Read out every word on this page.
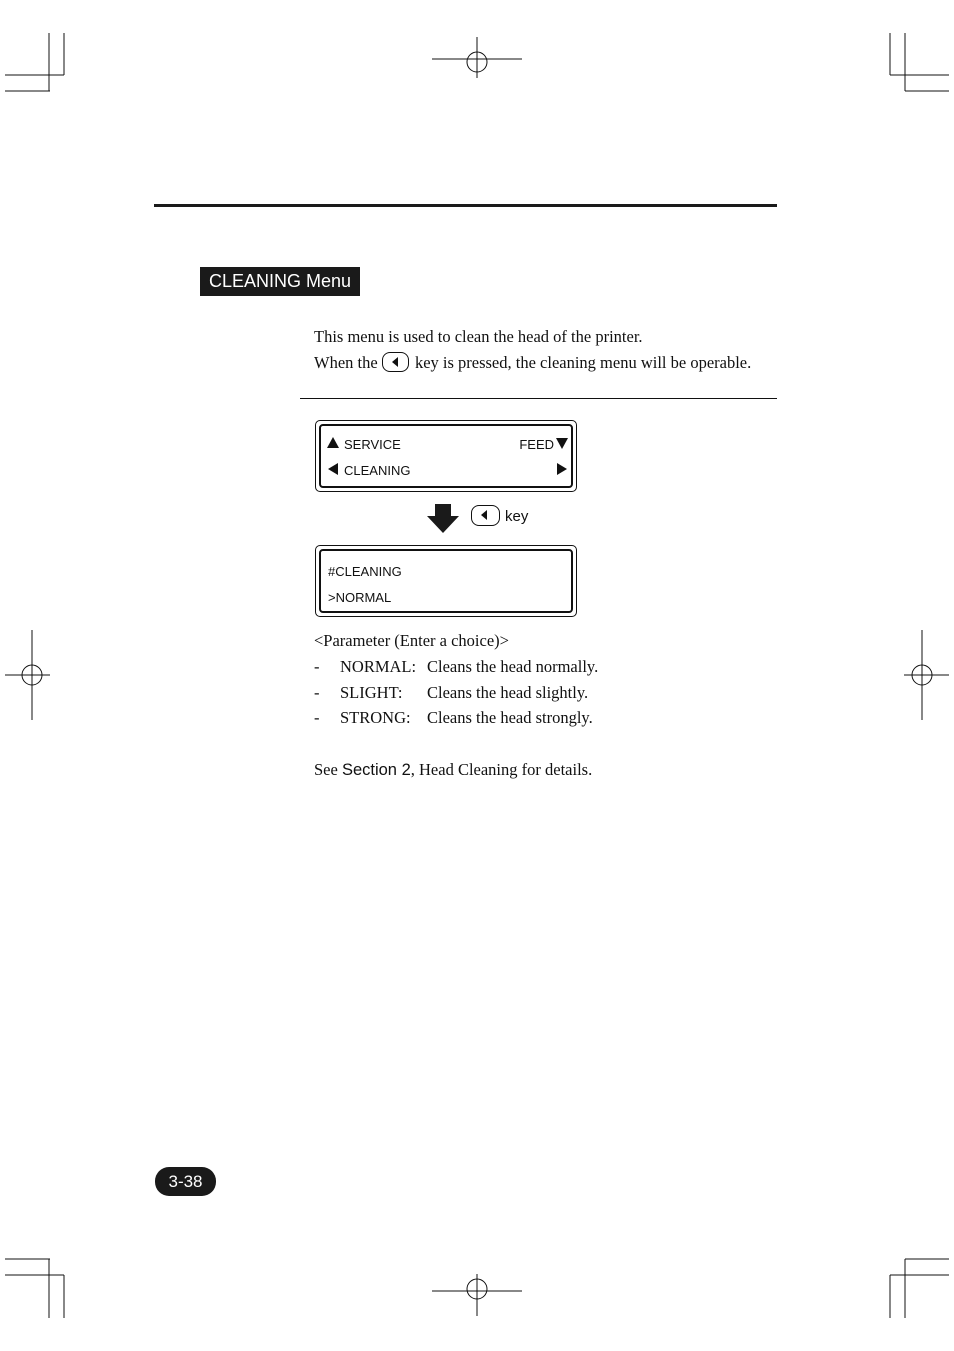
CLEANING Menu
This menu is used to clean the head of the printer.
When the key is pressed, the cleaning menu will be operable.
SERVICE	FEED
CLEANING
key
#CLEANING
>NORMAL
<Parameter (Enter a choice)>
- NORMAL: Cleans the head normally.
- SLIGHT: Cleans the head slightly.
- STRONG: Cleans the head strongly.
See Section 2, Head Cleaning for details.
3-38
